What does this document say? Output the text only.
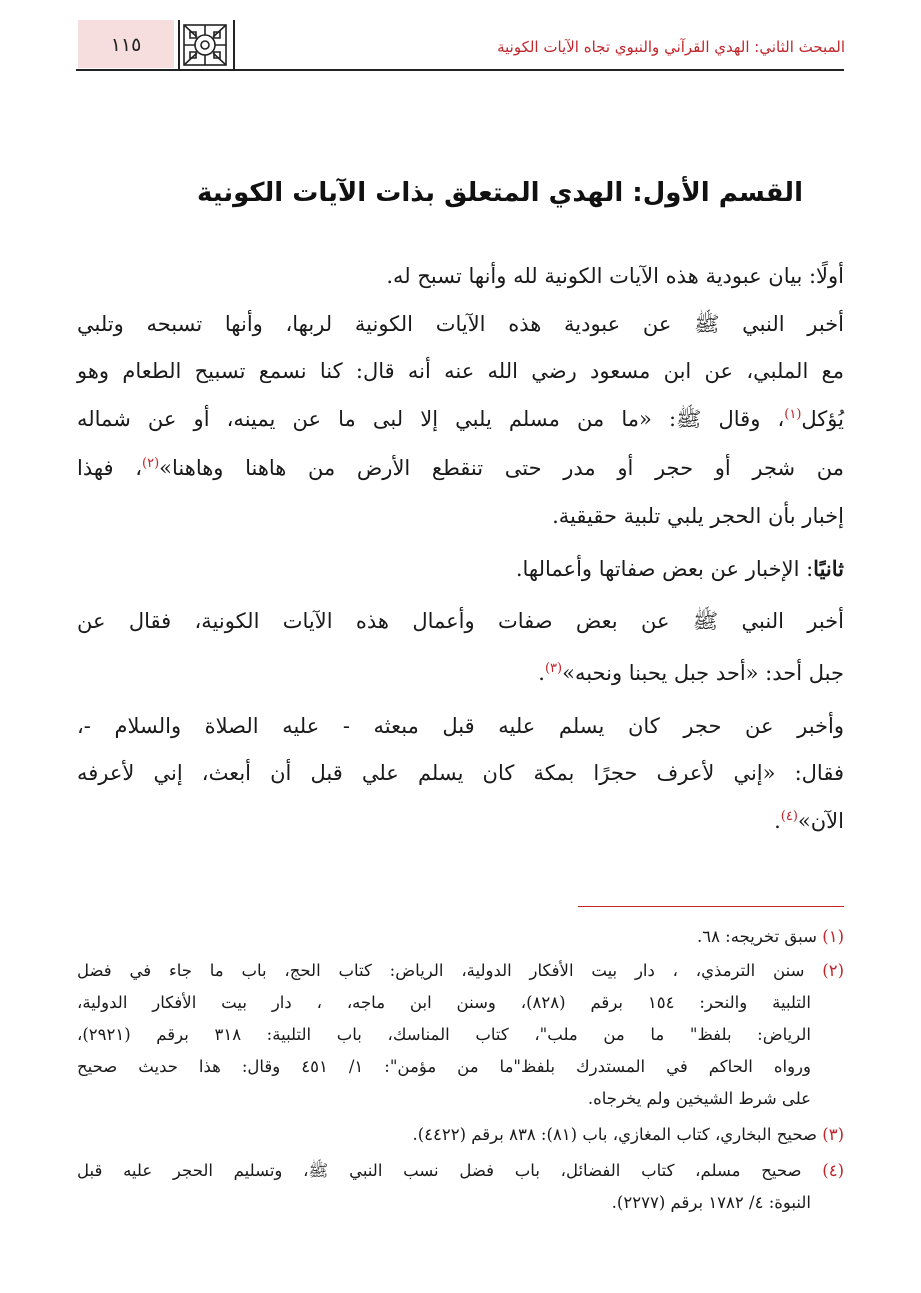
١١٥	المبحث الثاني: الهدي القرآني والنبوي تجاه الآيات الكونية
القسم الأول: الهدي المتعلق بذات الآيات الكونية
أولًا: بيان عبودية هذه الآيات الكونية لله وأنها تسبح له.
أخبر النبي ﷺ عن عبودية هذه الآيات الكونية لربها، وأنها تسبحه وتلبي
مع الملبي، عن ابن مسعود رضي الله عنه أنه قال: كنا نسمع تسبيح الطعام وهو
يُؤكل$^{(١)}$، وقال ﷺ: «ما من مسلم يلبي إلا لبى ما عن يمينه، أو عن شماله
من شجر أو حجر أو مدر حتى تنقطع الأرض من هاهنا وهاهنا»$^{(٢)}$، فهذا
إخبار بأن الحجر يلبي تلبية حقيقية.
ثانيًا: الإخبار عن بعض صفاتها وأعمالها.
أخبر النبي ﷺ عن بعض صفات وأعمال هذه الآيات الكونية، فقال عن
جبل أحد: «أحد جبل يحبنا ونحبه»$^{(٣)}$.
وأخبر عن حجر كان يسلم عليه قبل مبعثه - عليه الصلاة والسلام -،
فقال: «إني لأعرف حجرًا بمكة كان يسلم علي قبل أن أبعث، إني لأعرفه
الآن»$^{(٤)}$.
(١) سبق تخريجه: ٦٨.
(٢) سنن الترمذي، ، دار بيت الأفكار الدولية، الرياض: كتاب الحج، باب ما جاء في فضل
التلبية والنحر: ١٥٤ برقم (٨٢٨)، وسنن ابن ماجه، ، دار بيت الأفكار الدولية،
الرياض: بلفظ" ما من ملب"، كتاب المناسك، باب التلبية: ٣١٨ برقم (٢٩٢١)،
ورواه الحاكم في المستدرك بلفظ"ما من مؤمن": ١/ ٤٥١ وقال: هذا حديث صحيح
على شرط الشيخين ولم يخرجاه.
(٣) صحيح البخاري، كتاب المغازي، باب (٨١): ٨٣٨ برقم (٤٤٢٢).
(٤) صحيح مسلم، كتاب الفضائل، باب فضل نسب النبي ﷺ، وتسليم الحجر عليه قبل
النبوة: ٤/ ١٧٨٢ برقم (٢٢٧٧).
